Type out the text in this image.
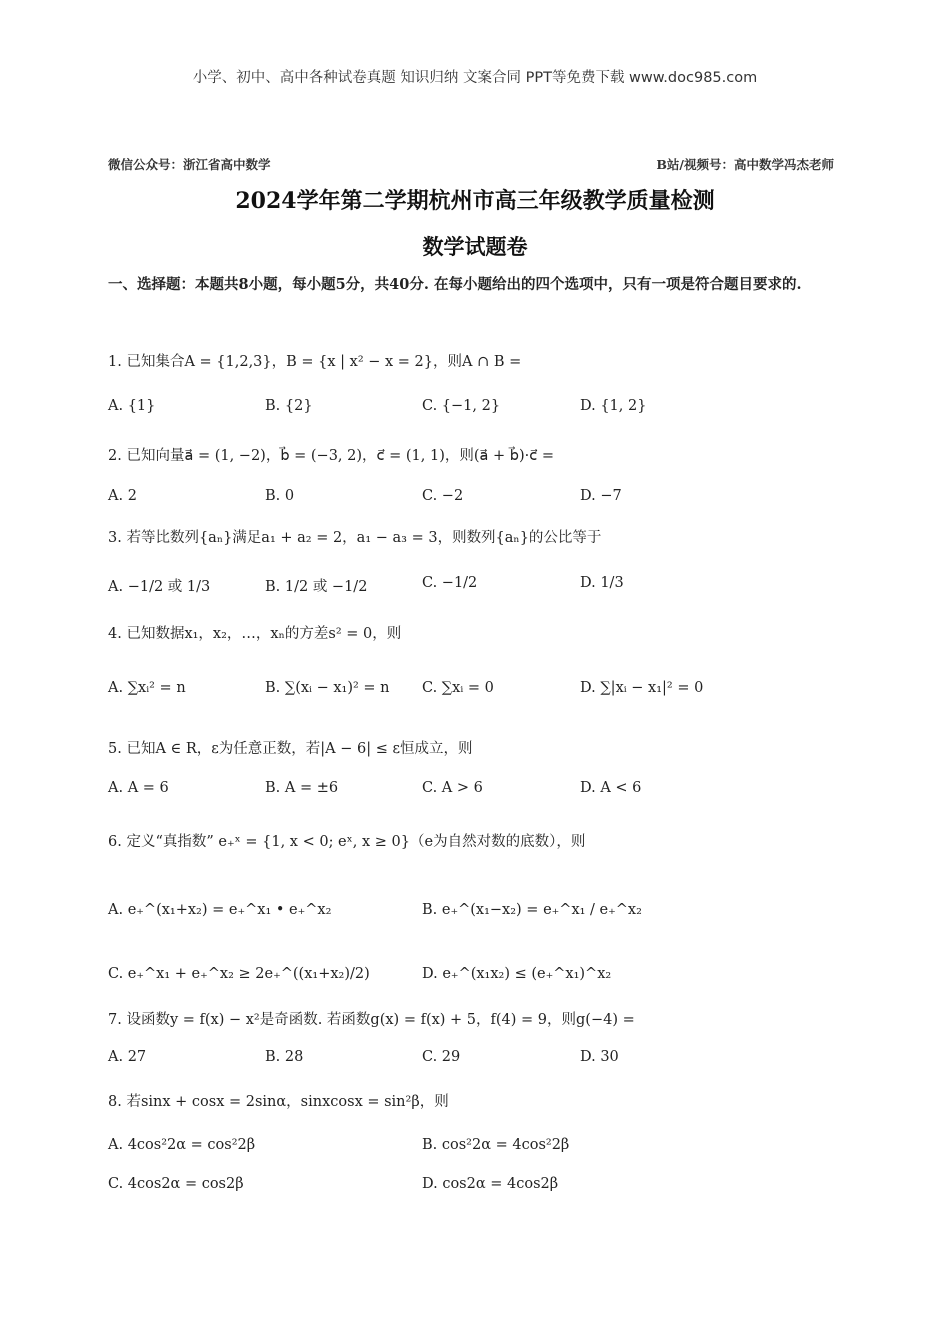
小学、初中、高中各种试卷真题 知识归纳 文案合同 PPT等免费下载 www.doc985.com
微信公众号：浙江省高中数学	B站/视频号：高中数学冯杰老师
2024学年第二学期杭州市高三年级教学质量检测
数学试题卷
一、选择题：本题共8小题，每小题5分，共40分. 在每小题给出的四个选项中，只有一项是符合题目要求的.
1. 已知集合A = {1,2,3}，B = {x | x² − x = 2}，则A ∩ B =
A. {1}	B. {2}	C. {−1, 2}	D. {1, 2}
2. 已知向量a⃗ = (1, −2)，b⃗ = (−3, 2)，c⃗ = (1, 1)，则(a⃗ + b⃗)·c⃗ =
A. 2	B. 0	C. −2	D. −7
3. 若等比数列{aₙ}满足a₁ + a₂ = 2，a₁ − a₃ = 3，则数列{aₙ}的公比等于
A. −1/2 或 1/3	B. 1/2 或 −1/2	C. −1/2	D. 1/3
4. 已知数据x₁，x₂，…，xₙ的方差s² = 0，则
A. ∑xᵢ² = n	B. ∑(xᵢ − x₁)² = n C. ∑xᵢ = 0	D. ∑|xᵢ − x₁|² = 0
5. 已知A ∈ R，ε为任意正数，若|A − 6| ≤ ε恒成立，则
A. A = 6	B. A = ±6	C. A > 6	D. A < 6
6. 定义“真指数” e₊ˣ = {1, x < 0; eˣ, x ≥ 0}（e为自然对数的底数），则
A. e₊^(x₁+x₂) = e₊^x₁ • e₊^x₂	B. e₊^(x₁−x₂) = e₊^x₁ / e₊^x₂
C. e₊^x₁ + e₊^x₂ ≥ 2e₊^((x₁+x₂)/2)	D. e₊^(x₁x₂) ≤ (e₊^x₁)^x₂
7. 设函数y = f(x) − x²是奇函数. 若函数g(x) = f(x) + 5，f(4) = 9，则g(−4) =
A. 27	B. 28	C. 29	D. 30
8. 若sinx + cosx = 2sinα，sinxcosx = sin²β，则
A. 4cos²2α = cos²2β	B. cos²2α = 4cos²2β
C. 4cos2α = cos2β	D. cos2α = 4cos2β
